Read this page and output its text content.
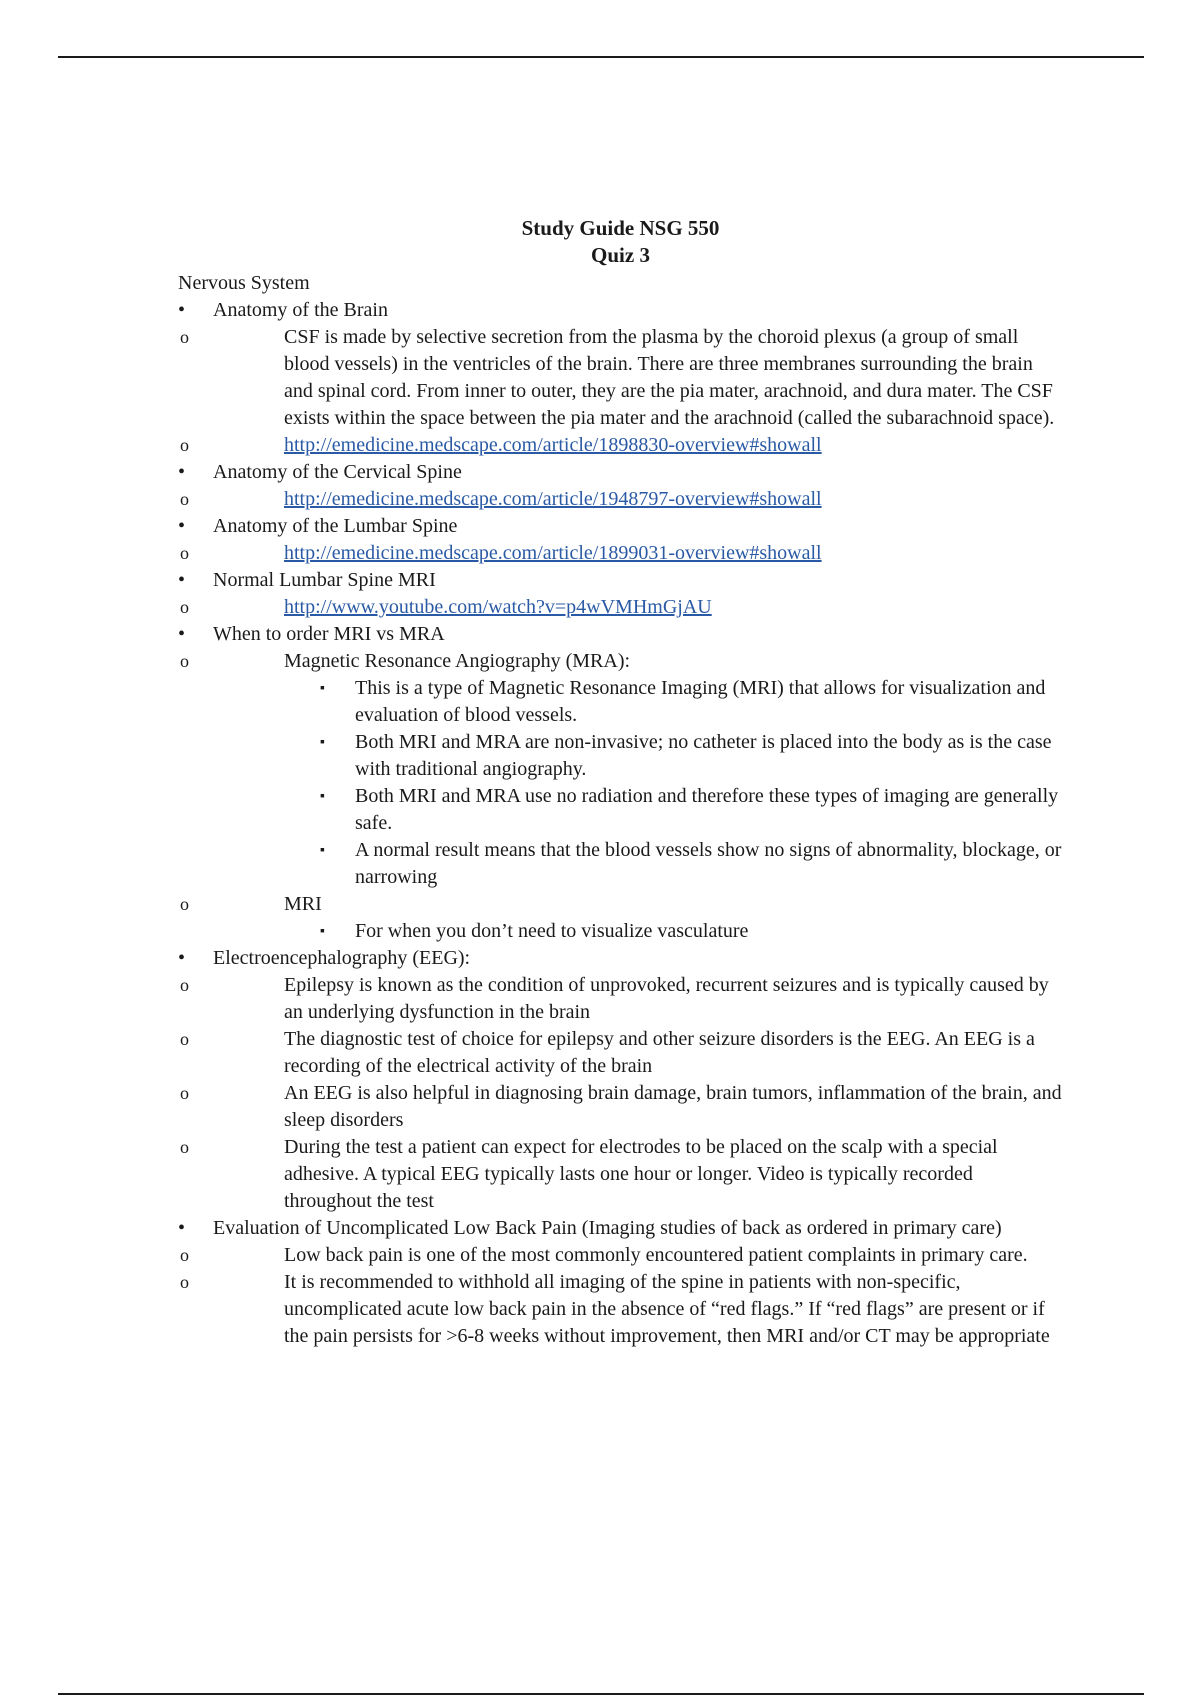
Study Guide NSG 550
Quiz 3
Nervous System
•	Anatomy of the Brain
o	CSF is made by selective secretion from the plasma by the choroid plexus (a group of small blood vessels) in the ventricles of the brain. There are three membranes surrounding the brain and spinal cord. From inner to outer, they are the pia mater, arachnoid, and dura mater. The CSF exists within the space between the pia mater and the arachnoid (called the subarachnoid space).
o	http://emedicine.medscape.com/article/1898830-overview#showall
•	Anatomy of the Cervical Spine
o	http://emedicine.medscape.com/article/1948797-overview#showall
•	Anatomy of the Lumbar Spine
o	http://emedicine.medscape.com/article/1899031-overview#showall
•	Normal Lumbar Spine MRI
o	http://www.youtube.com/watch?v=p4wVMHmGjAU
•	When to order MRI vs MRA
o	Magnetic Resonance Angiography (MRA):
▪ This is a type of Magnetic Resonance Imaging (MRI) that allows for visualization and evaluation of blood vessels.
▪ Both MRI and MRA are non-invasive; no catheter is placed into the body as is the case with traditional angiography.
▪ Both MRI and MRA use no radiation and therefore these types of imaging are generally safe.
▪ A normal result means that the blood vessels show no signs of abnormality, blockage, or narrowing
o	MRI
▪ For when you don’t need to visualize vasculature
•	Electroencephalography (EEG):
o	Epilepsy is known as the condition of unprovoked, recurrent seizures and is typically caused by an underlying dysfunction in the brain
o	The diagnostic test of choice for epilepsy and other seizure disorders is the EEG. An EEG is a recording of the electrical activity of the brain
o	An EEG is also helpful in diagnosing brain damage, brain tumors, inflammation of the brain, and sleep disorders
o	During the test a patient can expect for electrodes to be placed on the scalp with a special adhesive. A typical EEG typically lasts one hour or longer. Video is typically recorded throughout the test
•	Evaluation of Uncomplicated Low Back Pain (Imaging studies of back as ordered in primary care)
o	Low back pain is one of the most commonly encountered patient complaints in primary care.
o	It is recommended to withhold all imaging of the spine in patients with non-specific, uncomplicated acute low back pain in the absence of “red flags.” If “red flags” are present or if the pain persists for >6-8 weeks without improvement, then MRI and/or CT may be appropriate
